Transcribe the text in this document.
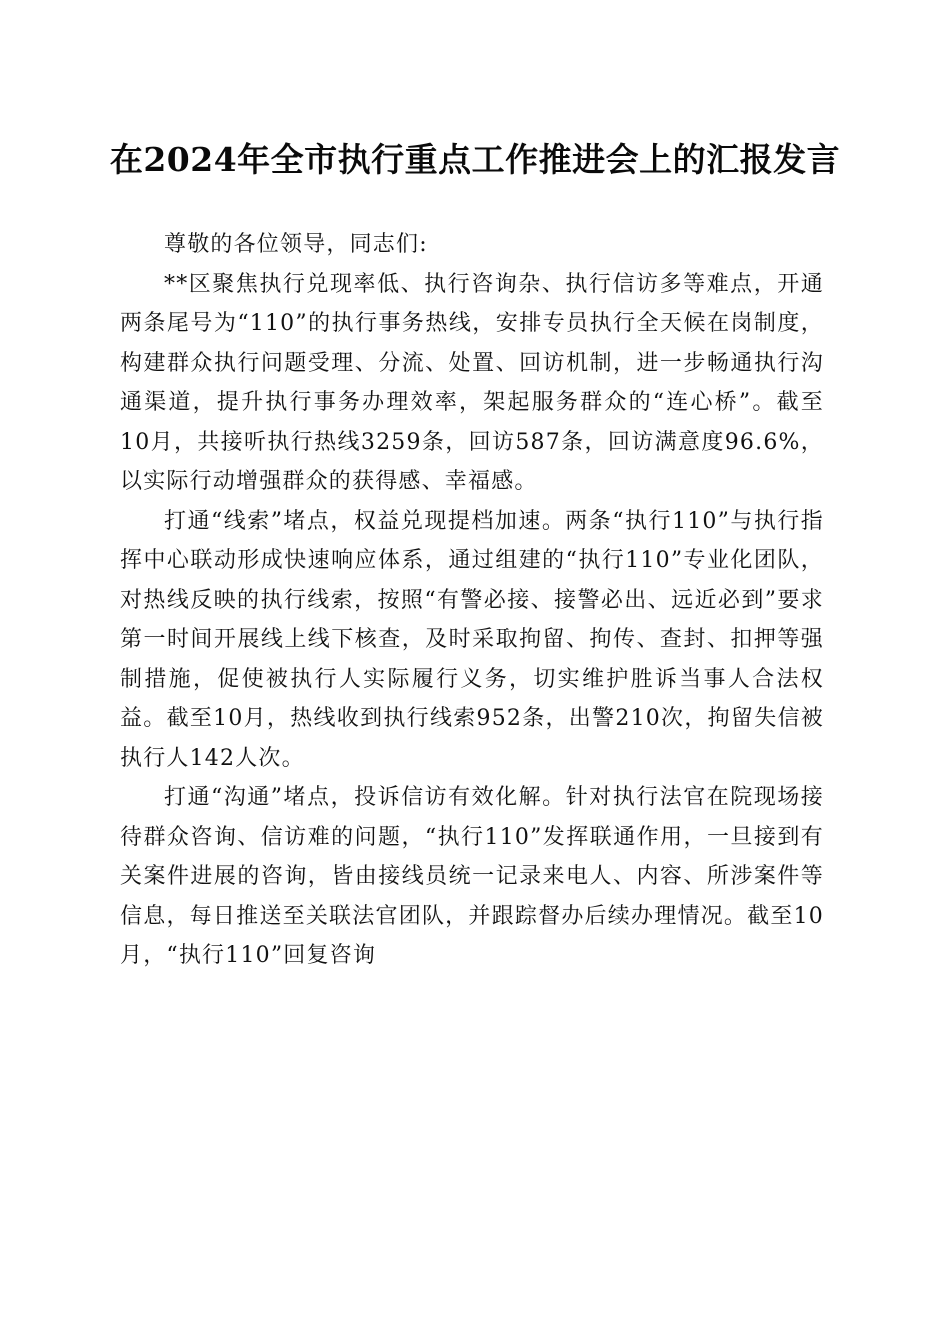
在2024年全市执行重点工作推进会上的汇报发言

尊敬的各位领导，同志们:

**区聚焦执行兑现率低、执行咨询杂、执行信访多等难点，开通两条尾号为“110”的执行事务热线，安排专员执行全天候在岗制度，构建群众执行问题受理、分流、处置、回访机制，进一步畅通执行沟通渠道，提升执行事务办理效率，架起服务群众的“连心桥”。截至10月，共接听执行热线3259条，回访587条，回访满意度96.6%，以实际行动增强群众的获得感、幸福感。

打通“线索”堵点，权益兑现提档加速。两条“执行110”与执行指挥中心联动形成快速响应体系，通过组建的“执行110”专业化团队，对热线反映的执行线索，按照“有警必接、接警必出、远近必到”要求第一时间开展线上线下核查，及时采取拘留、拘传、查封、扣押等强制措施，促使被执行人实际履行义务，切实维护胜诉当事人合法权益。截至10月，热线收到执行线索952条，出警210次，拘留失信被执行人142人次。

打通“沟通”堵点，投诉信访有效化解。针对执行法官在院现场接待群众咨询、信访难的问题，“执行110”发挥联通作用，一旦接到有关案件进展的咨询，皆由接线员统一记录来电人、内容、所涉案件等信息，每日推送至关联法官团队，并跟踪督办后续办理情况。截至10月，“执行110”回复咨询
